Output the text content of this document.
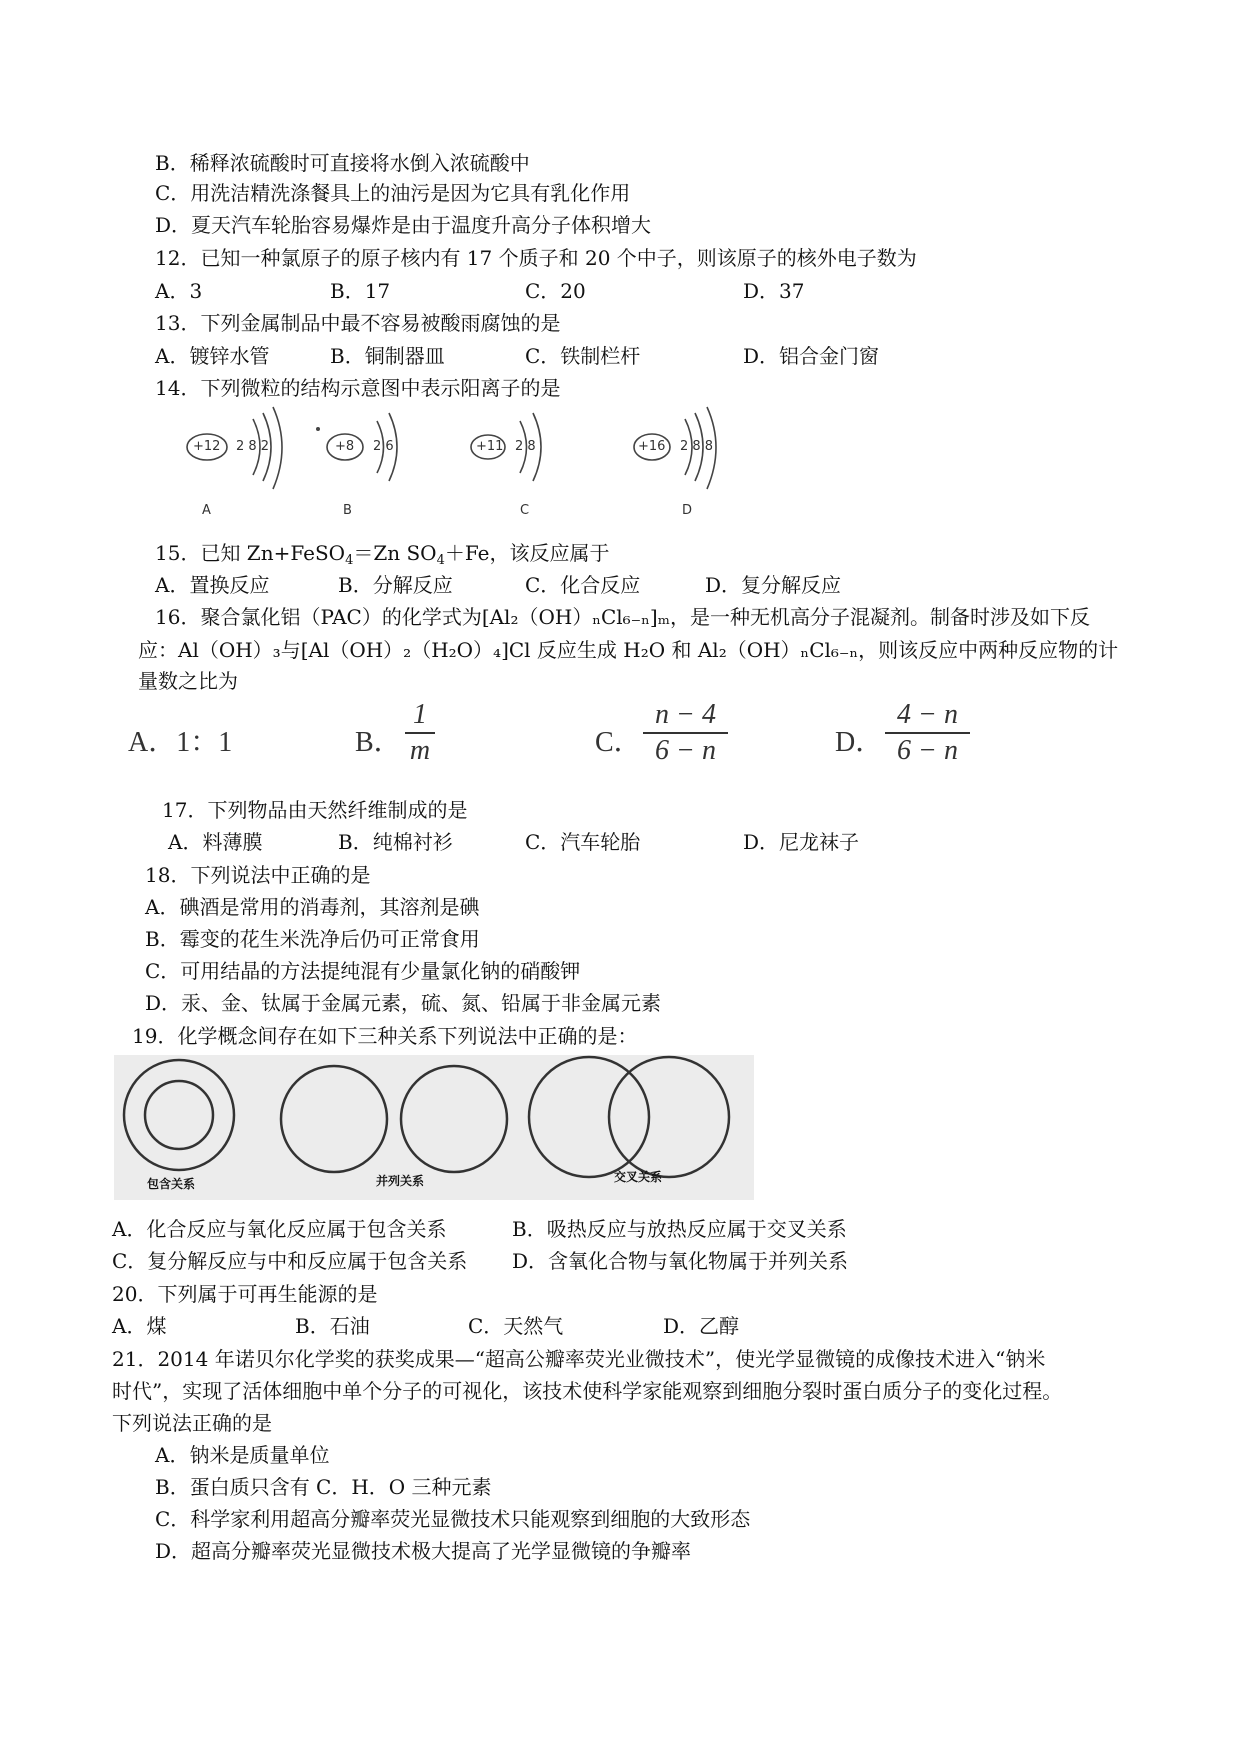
B．稀释浓硫酸时可直接将水倒入浓硫酸中
C．用洗洁精洗涤餐具上的油污是因为它具有乳化作用
D．夏天汽车轮胎容易爆炸是由于温度升高分子体积增大
12．已知一种氯原子的原子核内有 17 个质子和 20 个中子，则该原子的核外电子数为
A．3	B．17	C．20	D．37
13．下列金属制品中最不容易被酸雨腐蚀的是
A．镀锌水管	B．铜制器皿	C．铁制栏杆	D．铝合金门窗
14．下列微粒的结构示意图中表示阳离子的是
+12 2 8 2
A
+8 2 6
B
+11 2 8
C
+16 2 8 8
D
15．已知 Zn+FeSO$_4$＝Zn $SO_4+Fe$，该反应属于
A．置换反应	B．分解反应	C．化合反应	D．复分解反应
16．聚合氯化铝（PAC）的化学式为[Al₂（OH）ₙCl₆₋ₙ]ₘ，是一种无机高分子混凝剂。制备时涉及如下反
应：Al（OH）₃与[Al（OH）₂（H₂O）₄]Cl 反应生成 H₂O 和 Al₂（OH）ₙCl₆₋ₙ，则该反应中两种反应物的计
量数之比为
A．1：1	B．
1
m	C．
n − 4
6 − n	D．
4 − n
6 − n
17．下列物品由天然纤维制成的是
A．料薄膜	B．纯棉衬衫	C．汽车轮胎	D．尼龙袜子
18．下列说法中正确的是
A．碘酒是常用的消毒剂，其溶剂是碘
B．霉变的花生米洗净后仍可正常食用
C．可用结晶的方法提纯混有少量氯化钠的硝酸钾
D．汞、金、钛属于金属元素，硫、氮、铅属于非金属元素
19．化学概念间存在如下三种关系下列说法中正确的是：
包含关系	并列关系	交叉关系
A．化合反应与氧化反应属于包含关系	B．吸热反应与放热反应属于交叉关系
C．复分解反应与中和反应属于包含关系 D．含氧化合物与氧化物属于并列关系
20．下列属于可再生能源的是
A．煤	B．石油	C．天然气	D．乙醇
21．2014 年诺贝尔化学奖的获奖成果—“超高公瓣率荧光业微技术”，使光学显微镜的成像技术进入“钠米
时代”，实现了活体细胞中单个分子的可视化，该技术使科学家能观察到细胞分裂时蛋白质分子的变化过程。
下列说法正确的是
A．钠米是质量单位
B．蛋白质只含有 C．H．O 三种元素
C．科学家利用超高分瓣率荧光显微技术只能观察到细胞的大致形态
D．超高分瓣率荧光显微技术极大提高了光学显微镜的争瓣率
